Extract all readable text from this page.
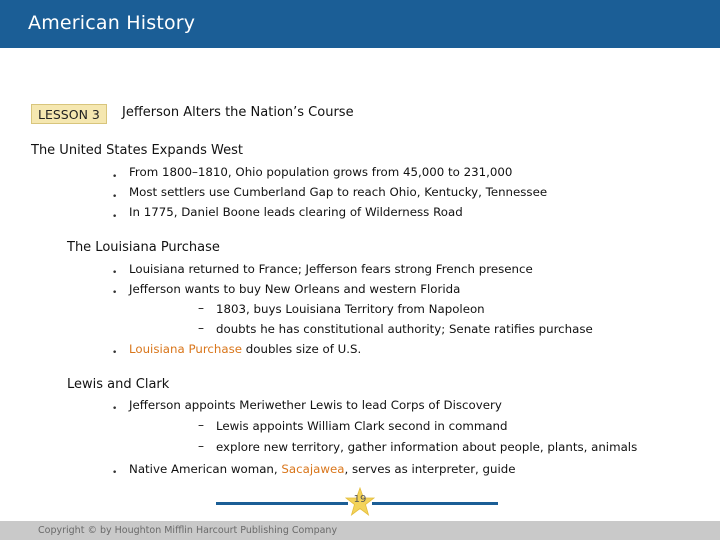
American History
LESSON 3 Jefferson Alters the Nation’s Course
The United States Expands West
• From 1800–1810, Ohio population grows from 45,000 to 231,000
• Most settlers use Cumberland Gap to reach Ohio, Kentucky, Tennessee
• In 1775, Daniel Boone leads clearing of Wilderness Road
The Louisiana Purchase
• Louisiana returned to France; Jefferson fears strong French presence
• Jefferson wants to buy New Orleans and western Florida
– 1803, buys Louisiana Territory from Napoleon
– doubts he has constitutional authority; Senate ratifies purchase
• Louisiana Purchase doubles size of U.S.
Lewis and Clark
• Jefferson appoints Meriwether Lewis to lead Corps of Discovery
– Lewis appoints William Clark second in command
– explore new territory, gather information about people, plants, animals
• Native American woman, Sacajawea, serves as interpreter, guide
19
Copyright © by Houghton Mifflin Harcourt Publishing Company
